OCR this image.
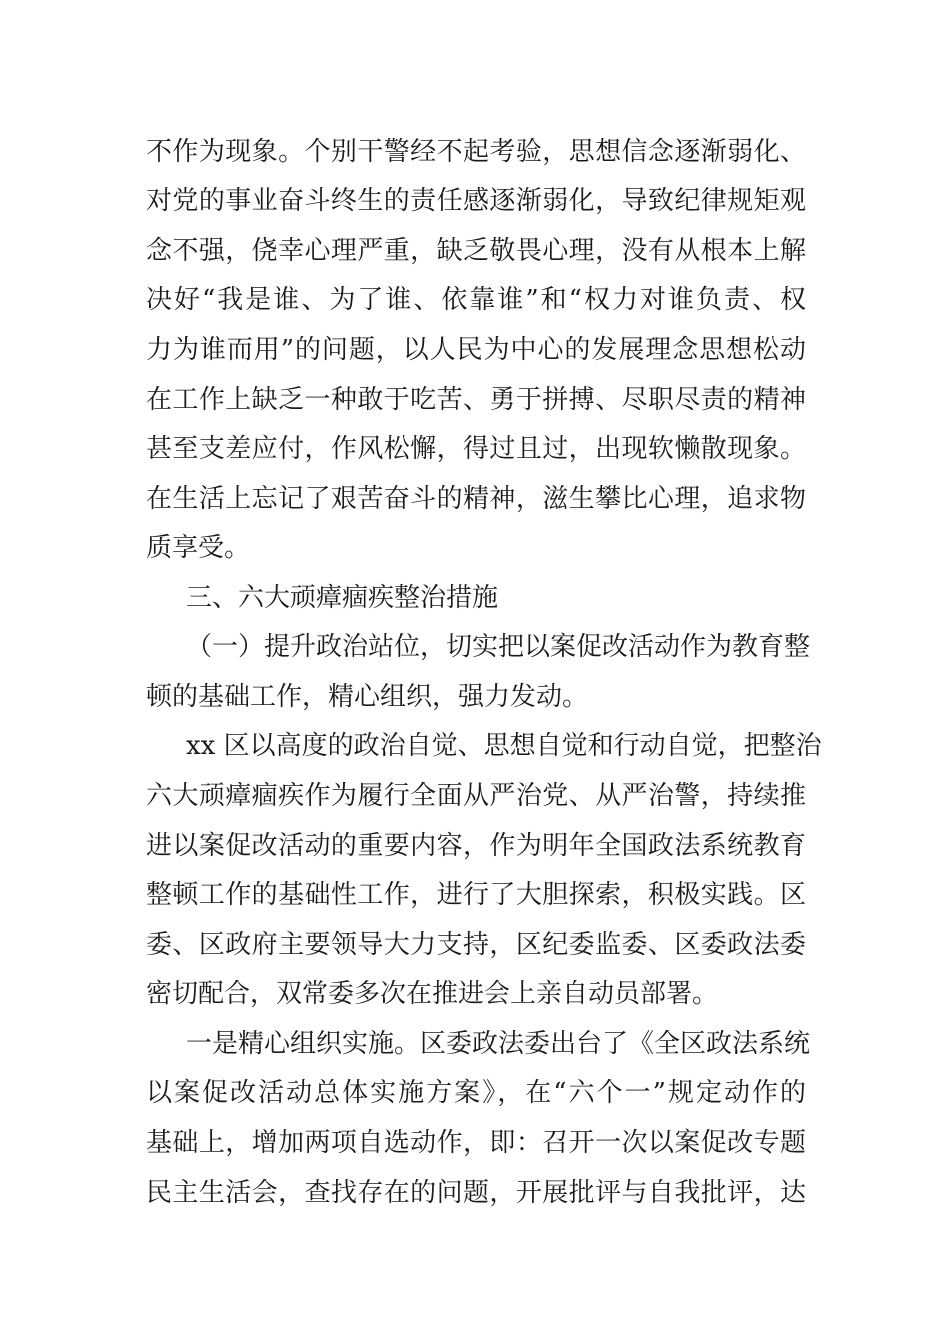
不作为现象。个别干警经不起考验，思想信念逐渐弱化、
对党的事业奋斗终生的责任感逐渐弱化，导致纪律规矩观
念不强，侥幸心理严重，缺乏敬畏心理，没有从根本上解
决好“我是谁、为了谁、依靠谁”和“权力对谁负责、权
力为谁而用”的问题，以人民为中心的发展理念思想松动
在工作上缺乏一种敢于吃苦、勇于拼搏、尽职尽责的精神
甚至支差应付，作风松懈，得过且过，出现软懒散现象。
在生活上忘记了艰苦奋斗的精神，滋生攀比心理，追求物
质享受。
三、六大顽瘴痼疾整治措施
（一）提升政治站位，切实把以案促改活动作为教育整
顿的基础工作，精心组织，强力发动。
xx 区以高度的政治自觉、思想自觉和行动自觉，把整治
六大顽瘴痼疾作为履行全面从严治党、从严治警，持续推
进以案促改活动的重要内容，作为明年全国政法系统教育
整顿工作的基础性工作，进行了大胆探索，积极实践。区
委、区政府主要领导大力支持，区纪委监委、区委政法委
密切配合，双常委多次在推进会上亲自动员部署。
一是精心组织实施。区委政法委出台了《全区政法系统
以案促改活动总体实施方案》，在“六个一”规定动作的
基础上，增加两项自选动作，即：召开一次以案促改专题
民主生活会，查找存在的问题，开展批评与自我批评，达
